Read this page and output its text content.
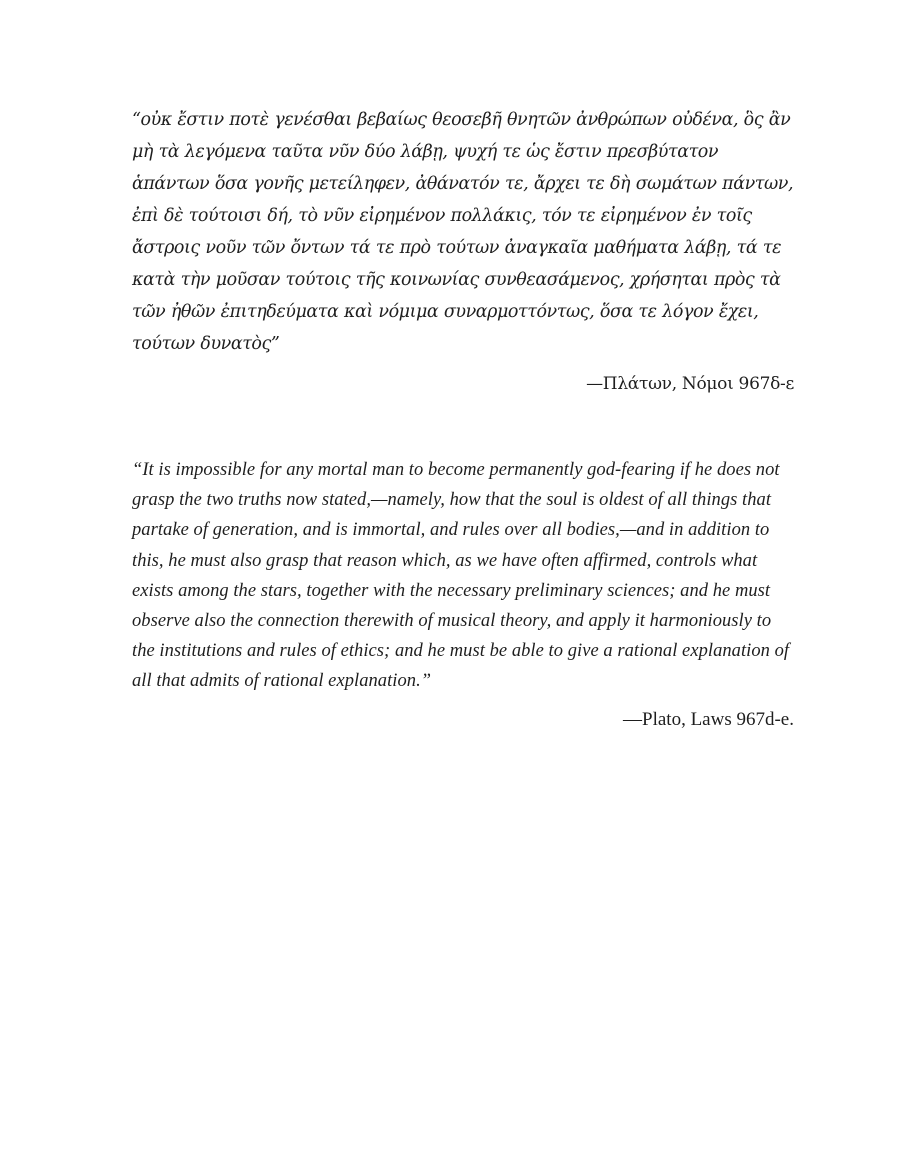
“οὐκ ἔστιν ποτὲ γενέσθαι βεβαίως θεοσεβῆ θνητῶν ἀνθρώπων οὐδένα, ὃς ἂν μὴ τὰ λεγόμενα ταῦτα νῦν δύο λάβῃ, ψυχή τε ὡς ἔστιν πρεσβύτατον ἁπάντων ὅσα γονῆς μετείληφεν, ἀθάνατόν τε, ἄρχει τε δὴ σωμάτων πάντων, ἐπὶ δὲ τούτοισι δή, τὸ νῦν εἰρημένον πολλάκις, τόν τε εἰρημένον ἐν τοῖς ἄστροις νοῦν τῶν ὄντων τά τε πρὸ τούτων ἀναγκαῖα μαθήματα λάβῃ, τά τε κατὰ τὴν μοῦσαν τούτοις τῆς κοινωνίας συνθεασάμενος, χρήσηται πρὸς τὰ τῶν ἠθῶν ἐπιτηδεύματα καὶ νόμιμα συναρμοττόντως, ὅσα τε λόγον ἔχει, τούτων δυνατὸς”

—Πλάτων, Νόμοι 967δ-ε

“It is impossible for any mortal man to become permanently god-fearing if he does not grasp the two truths now stated,—namely, how that the soul is oldest of all things that partake of generation, and is immortal, and rules over all bodies,—and in addition to this, he must also grasp that reason which, as we have often affirmed, controls what exists among the stars, together with the necessary preliminary sciences; and he must observe also the connection therewith of musical theory, and apply it harmoniously to the institutions and rules of ethics; and he must be able to give a rational explanation of all that admits of rational explanation.”

—Plato, Laws 967d-e.
